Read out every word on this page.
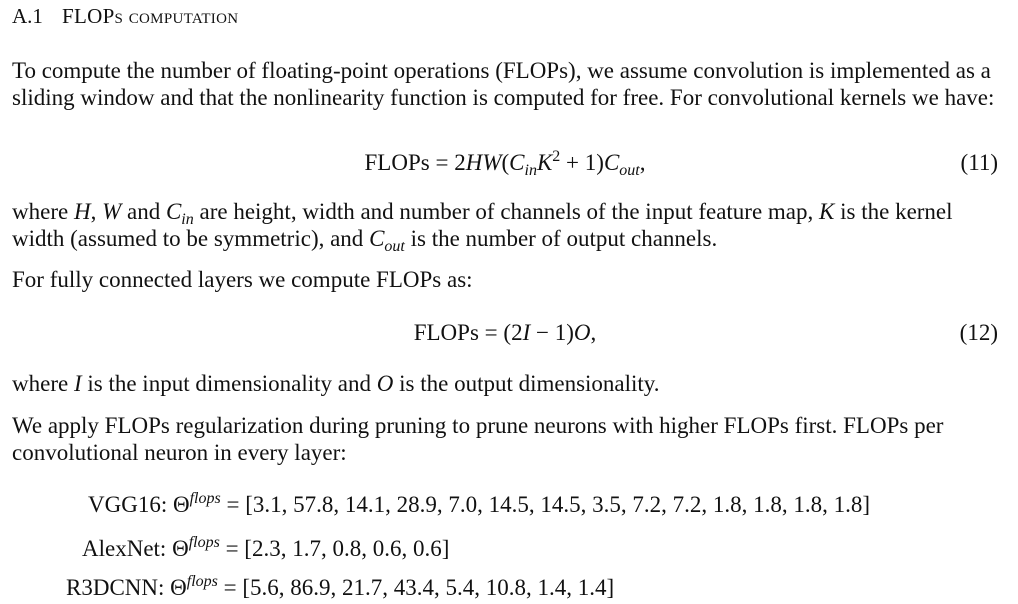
A.1 FLOPs computation
To compute the number of floating-point operations (FLOPs), we assume convolution is implemented as a sliding window and that the nonlinearity function is computed for free. For convolutional kernels we have:
FLOPs = $2HW(C_{in}K^2 + 1)C_{out}$,	(11)
where H, W and $C_{in}$ are height, width and number of channels of the input feature map, K is the kernel width (assumed to be symmetric), and $C_{out}$ is the number of output channels.
For fully connected layers we compute FLOPs as:
FLOPs = (2I − 1)O,	(12)
where I is the input dimensionality and O is the output dimensionality.
We apply FLOPs regularization during pruning to prune neurons with higher FLOPs first. FLOPs per convolutional neuron in every layer:
VGG16: $\Theta^{flops} = [3.1$, 57.8, 14.1, 28.9, 7.0, 14.5, 14.5, 3.5, 7.2, 7.2, 1.8, 1.8, 1.8, 1.8]
AlexNet: $\Theta^{flops} = [2.3$, 1.7, 0.8, 0.6, 0.6]
R3DCNN: $\Theta^{flops} = [5.6$, 86.9, 21.7, 43.4, 5.4, 10.8, 1.4, 1.4]
